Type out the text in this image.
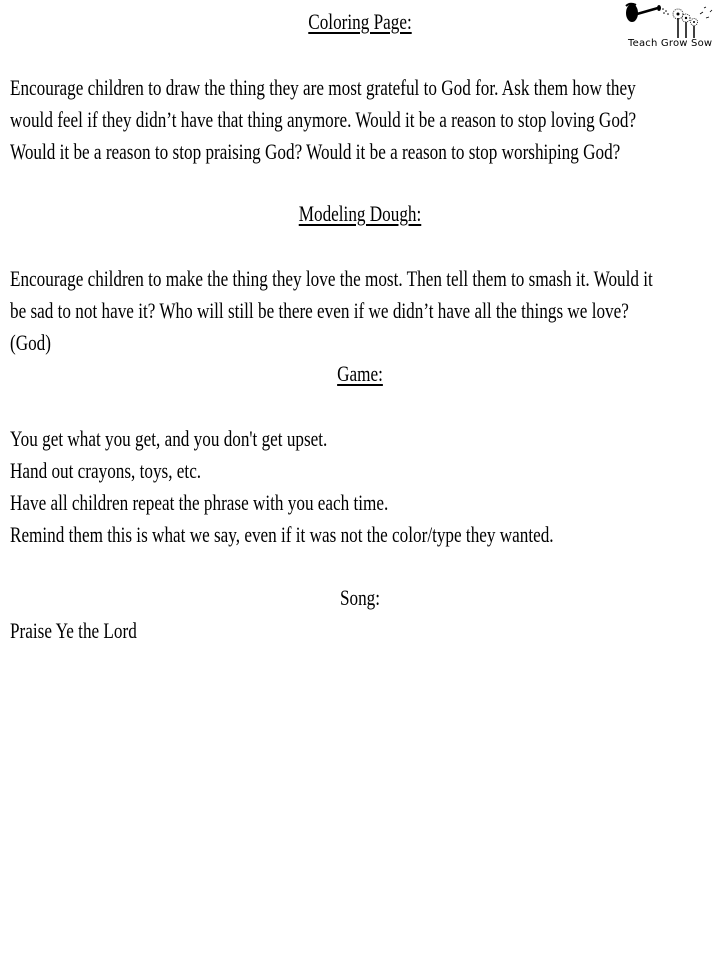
Teach Grow Sow
Coloring Page:
Encourage children to draw the thing they are most grateful to God for. Ask them how they
would feel if they didn’t have that thing anymore. Would it be a reason to stop loving God?
Would it be a reason to stop praising God? Would it be a reason to stop worshiping God?
Modeling Dough:
Encourage children to make the thing they love the most. Then tell them to smash it. Would it
be sad to not have it? Who will still be there even if we didn’t have all the things we love?
(God)
Game:
You get what you get, and you don't get upset.
Hand out crayons, toys, etc.
Have all children repeat the phrase with you each time.
Remind them this is what we say, even if it was not the color/type they wanted.
Song:
Praise Ye the Lord
